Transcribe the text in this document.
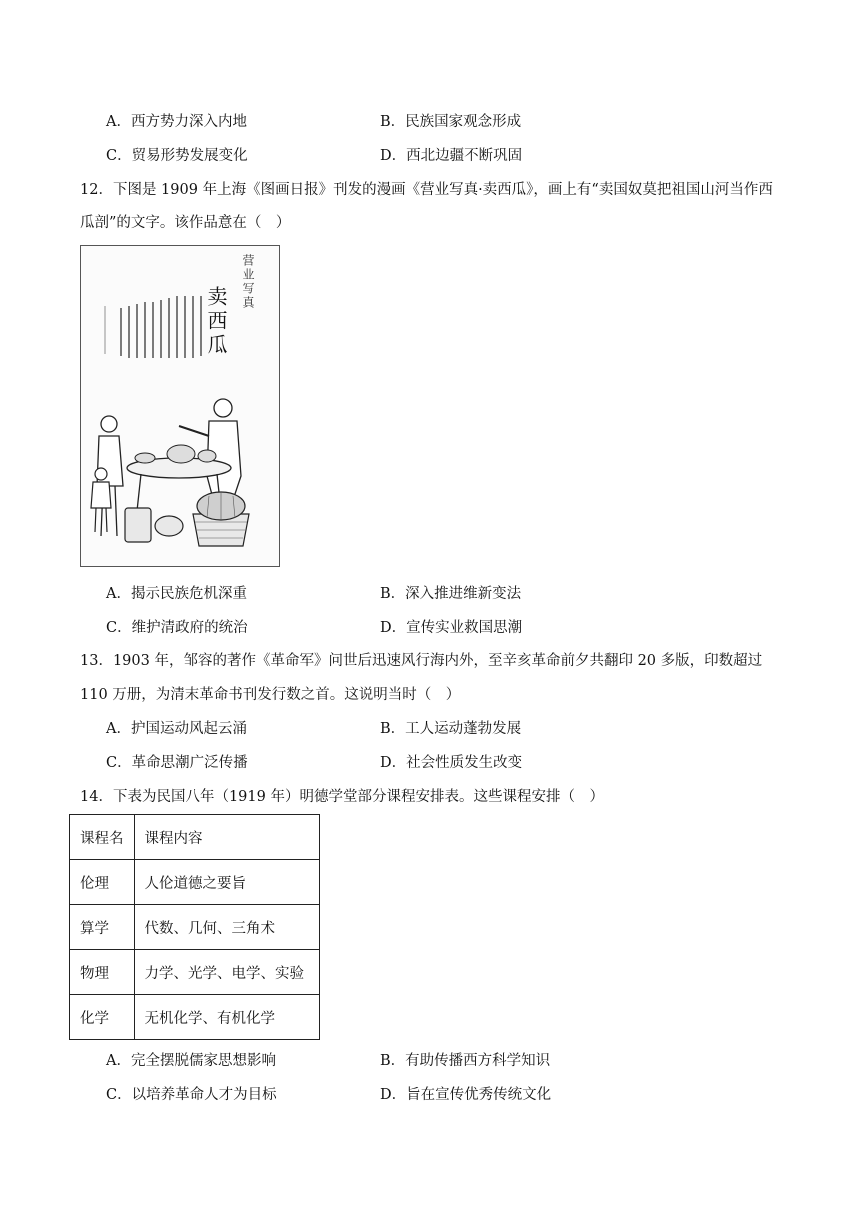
A．西方势力深入内地	B．民族国家观念形成
C．贸易形势发展变化	D．西北边疆不断巩固
12．下图是 1909 年上海《图画日报》刊发的漫画《营业写真·卖西瓜》，画上有“卖国奴莫把祖国山河当作西
瓜剖”的文字。该作品意在（　）
营业写真
卖西瓜
A．揭示民族危机深重	B．深入推进维新变法
C．维护清政府的统治	D．宣传实业救国思潮
13．1903 年，邹容的著作《革命军》问世后迅速风行海内外，至辛亥革命前夕共翻印 20 多版，印数超过
110 万册，为清末革命书刊发行数之首。这说明当时（　）
A．护国运动风起云涌	B．工人运动蓬勃发展
C．革命思潮广泛传播	D．社会性质发生改变
14．下表为民国八年（1919 年）明德学堂部分课程安排表。这些课程安排（　）
课程名	课程内容
伦理	人伦道德之要旨
算学	代数、几何、三角术
物理	力学、光学、电学、实验
化学	无机化学、有机化学
A．完全摆脱儒家思想影响	B．有助传播西方科学知识
C．以培养革命人才为目标	D．旨在宣传优秀传统文化
